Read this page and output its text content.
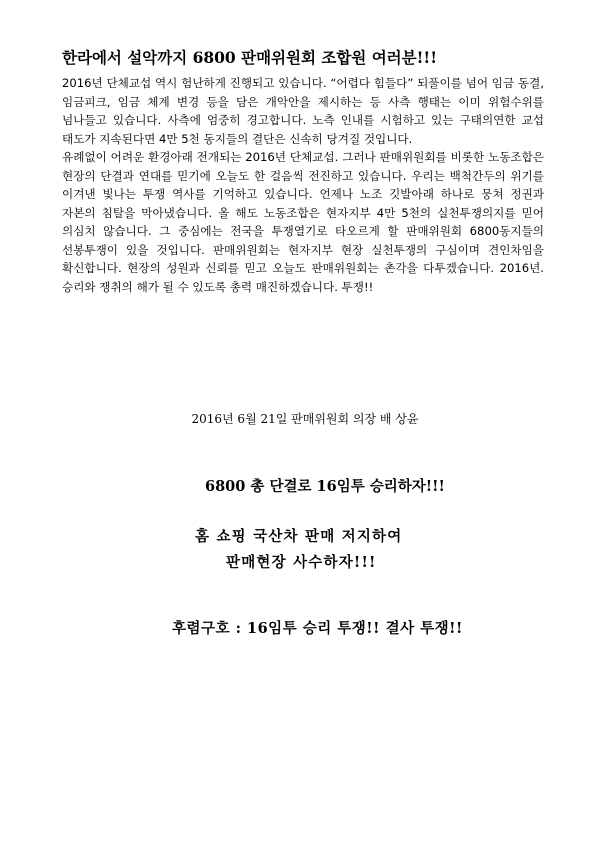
한라에서 설악까지 6800 판매위원회 조합원 여러분!!!

2016년 단체교섭 역시 험난하게 진행되고 있습니다. “어렵다 힘들다” 되풀이를 넘어 임금 동결, 임금피크, 임금 체계 변경 등을 담은 개악안을 제시하는 등 사측 행태는 이미 위험수위를 넘나들고 있습니다. 사측에 엄중히 경고합니다. 노측 인내를 시험하고 있는 구태의연한 교섭 태도가 지속된다면 4만 5천 동지들의 결단은 신속히 당겨질 것입니다.

유례없이 어려운 환경아래 전개되는 2016년 단체교섭. 그러나 판매위원회를 비롯한 노동조합은 현장의 단결과 연대를 믿기에 오늘도 한 걸음씩 전진하고 있습니다. 우리는 백척간두의 위기를 이겨낸 빛나는 투쟁 역사를 기억하고 있습니다. 언제나 노조 깃발아래 하나로 뭉쳐 정권과 자본의 침탈을 막아냈습니다. 올 해도 노동조합은 현자지부 4만 5천의 실천투쟁의지를 믿어 의심치 않습니다. 그 중심에는 전국을 투쟁열기로 타오르게 할 판매위원회 6800동지들의 선봉투쟁이 있을 것입니다. 판매위원회는 현자지부 현장 실천투쟁의 구심이며 견인차임을 확신합니다. 현장의 성원과 신뢰를 믿고 오늘도 판매위원회는 촌각을 다투겠습니다. 2016년. 승리와 쟁취의 해가 될 수 있도록 총력 매진하겠습니다. 투쟁!!

2016년 6월 21일 판매위원회 의장 배 상윤

6800 총 단결로 16임투 승리하자!!!

홈 쇼핑 국산차 판매 저지하여

판매현장 사수하자!!!

후렴구호 : 16임투 승리 투쟁!! 결사 투쟁!!
